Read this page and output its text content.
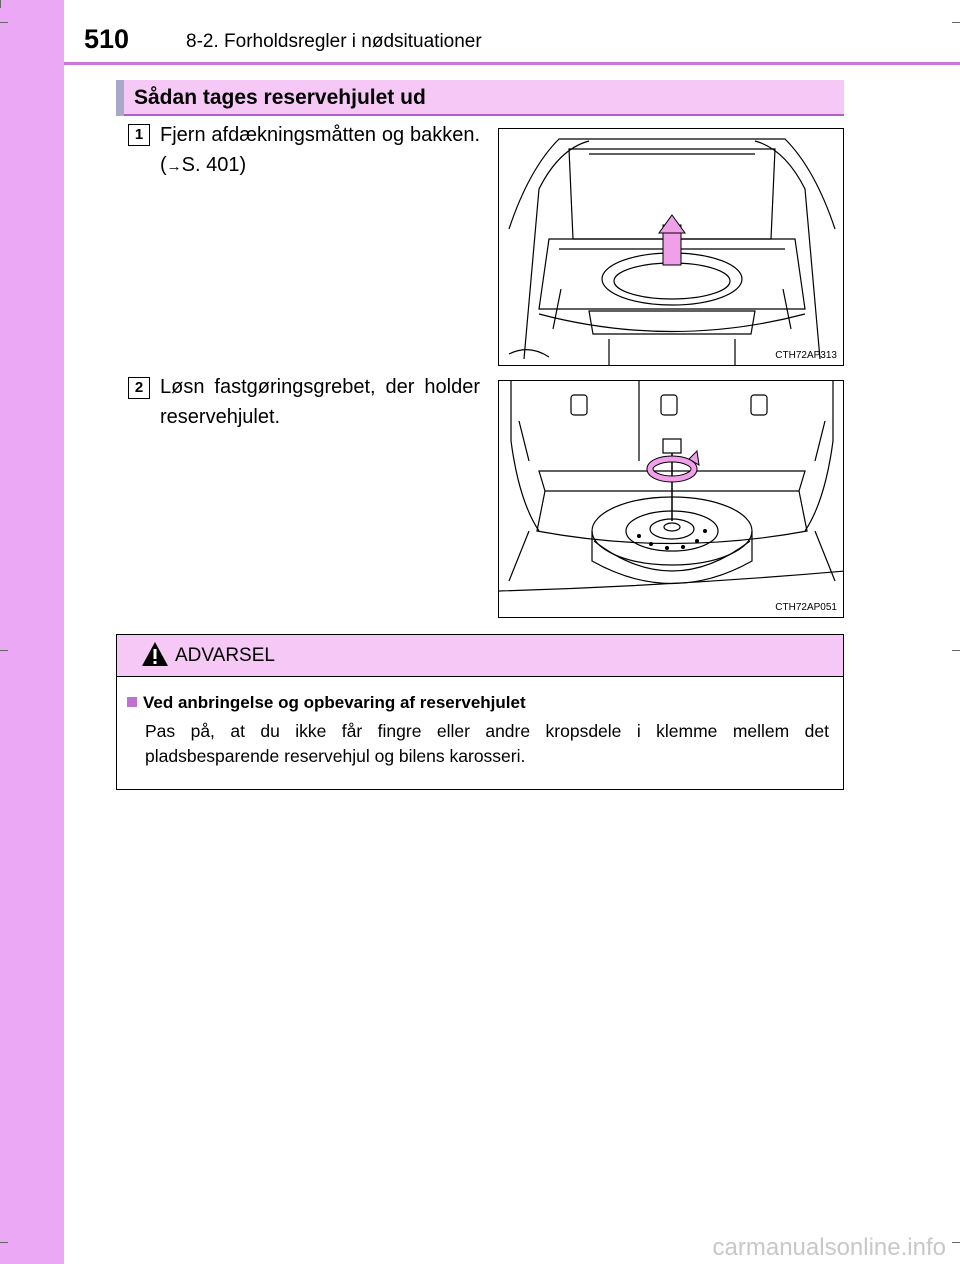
510	8-2. Forholdsregler i nødsituationer
Sådan tages reservehjulet ud
1 Fjern afdækningsmåtten og bakken. (→S. 401)
CTH72AP313
2 Løsn fastgøringsgrebet, der holder reservehjulet.
CTH72AP051
ADVARSEL
Ved anbringelse og opbevaring af reservehjulet
Pas på, at du ikke får fingre eller andre kropsdele i klemme mellem det pladsbesparende reservehjul og bilens karosseri.
carmanualsonline.info
